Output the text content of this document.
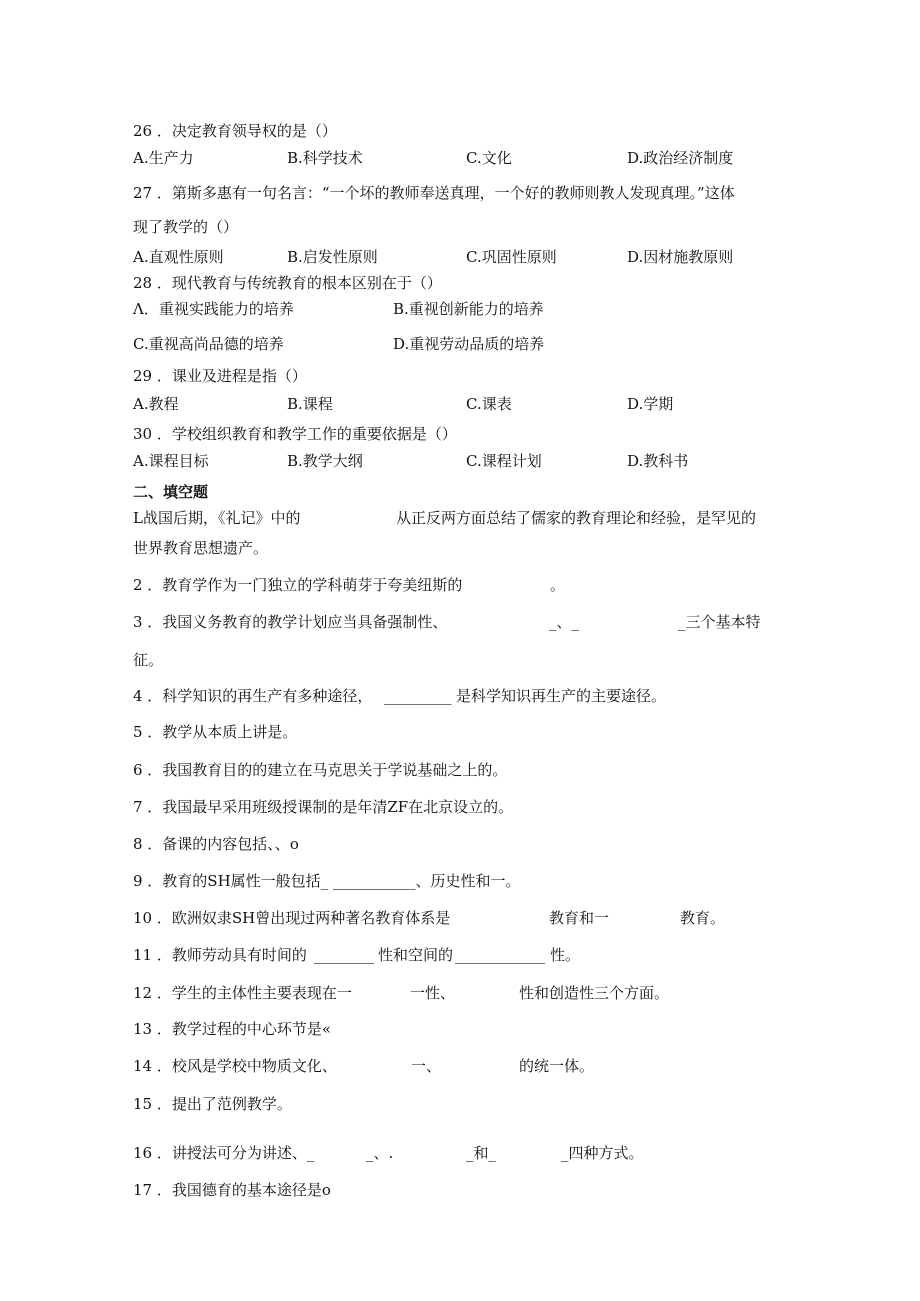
26 ．决定教育领导权的是（）
A.生产力	B.科学技术	C.文化	D.政治经济制度
27 ．第斯多惠有一句名言：“一个坏的教师奉送真理，一个好的教师则教人发现真理。”这体
现了教学的（）
A.直观性原则	B.启发性原则	C.巩固性原则	D.因材施教原则
28 ．现代教育与传统教育的根本区别在于（）
Λ．重视实践能力的培养	B.重视创新能力的培养
C.重视高尚品德的培养	D.重视劳动品质的培养
29 ．课业及进程是指（）
A.教程	B.课程	C.课表	D.学期
30 ．学校组织教育和教学工作的重要依据是（）
A.课程目标	B.教学大纲	C.课程计划	D.教科书
二、填空题
L战国后期，《礼记》中的	从正反两方面总结了儒家的教育理论和经验，是罕见的
世界教育思想遗产。
2 ．教育学作为一门独立的学科萌芽于夸美纽斯的	。
3 ．我国义务教育的教学计划应当具备强制性、	_、_	_三个基本特
征。
4 ．科学知识的再生产有多种途径， _________ 是科学知识再生产的主要途径。
5 ．教学从本质上讲是。
6 ．我国教育目的的建立在马克思关于学说基础之上的。
7 ．我国最早采用班级授课制的是年清ZF在北京设立的。
8 ．备课的内容包括、、o
9 ．教育的SH属性一般包括_ ___________、历史性和一。
10 ．欧洲奴隶SH曾出现过两种著名教育体系是	教育和一	教育。
11 ．教师劳动具有时间的 ________ 性和空间的 ____________ 性。
12 ．学生的主体性主要表现在一	一性、	性和创造性三个方面。
13 ．教学过程的中心环节是«
14 ．校风是学校中物质文化、	一、	的统一体。
15 ．提出了范例教学。
16 ．讲授法可分为讲述、_	_、.	_和_	_四种方式。
17 ．我国德育的基本途径是o
